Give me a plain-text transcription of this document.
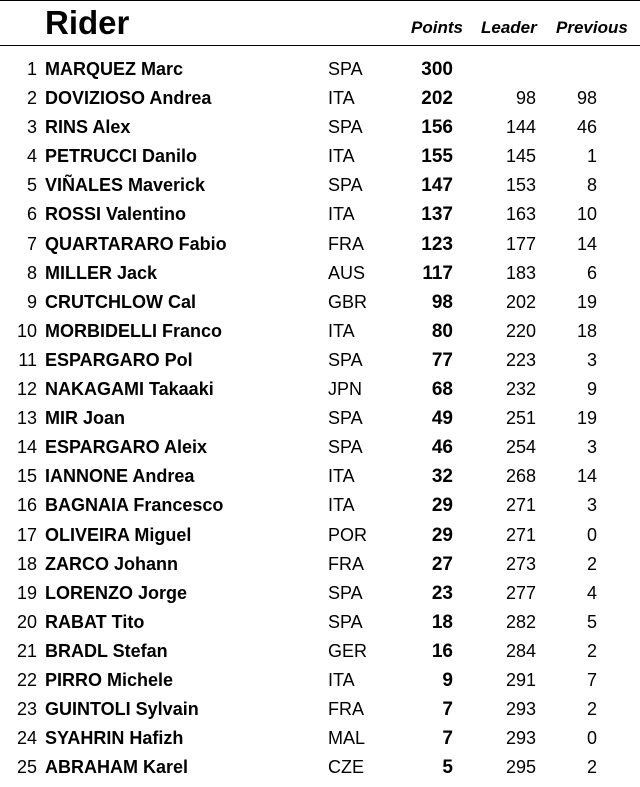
Rider	Points Leader Previous
1 MARQUEZ Marc	SPA	300
2 DOVIZIOSO Andrea	ITA	202	98 98
3 RINS Alex	SPA	156	144 46
4 PETRUCCI Danilo	ITA	155	145	1
5 VIÑALES Maverick	SPA	147	153	8
6 ROSSI Valentino	ITA	137	163 10
7 QUARTARARO Fabio	FRA	123	177 14
8 MILLER Jack	AUS	117	183	6
9 CRUTCHLOW Cal	GBR	98	202 19
10 MORBIDELLI Franco	ITA	80	220 18
11 ESPARGARO Pol	SPA	77	223	3
12 NAKAGAMI Takaaki	JPN	68	232	9
13 MIR Joan	SPA	49	251 19
14 ESPARGARO Aleix	SPA	46	254	3
15 IANNONE Andrea	ITA	32	268 14
16 BAGNAIA Francesco	ITA	29	271	3
17 OLIVEIRA Miguel	POR	29	271	0
18 ZARCO Johann	FRA	27	273	2
19 LORENZO Jorge	SPA	23	277	4
20 RABAT Tito	SPA	18	282	5
21 BRADL Stefan	GER	16	284	2
22 PIRRO Michele	ITA	9	291	7
23 GUINTOLI Sylvain	FRA	7	293	2
24 SYAHRIN Hafizh	MAL	7	293	0
25 ABRAHAM Karel	CZE	5	295	2
